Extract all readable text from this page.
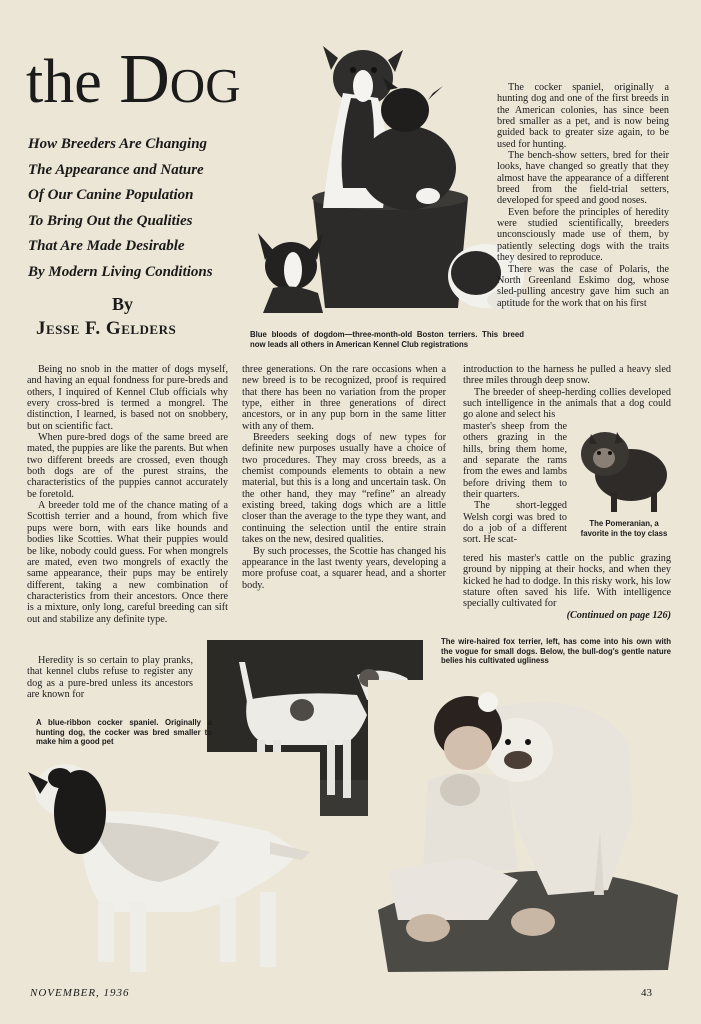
the Dog
How Breeders Are Changing
The Appearance and Nature
Of Our Canine Population
To Bring Out the Qualities
That Are Made Desirable
By Modern Living Conditions
By
Jesse F. Gelders	Blue bloods of dogdom—three-month-old Boston terriers. This breed now leads all others in American Kennel Club registrations

The cocker spaniel, originally a hunting dog and one of the first breeds in the American colonies, has since been bred smaller as a pet, and is now being guided back to greater size again, to be used for hunting.

The bench-show setters, bred for their looks, have changed so greatly that they almost have the appearance of a different breed from the field-trial setters, developed for speed and good noses.

Even before the principles of heredity were studied scientifically, breeders unconsciously made use of them, by patiently selecting dogs with the traits they desired to reproduce.

There was the case of Polaris, the North Greenland Eskimo dog, whose sled-pulling ancestry gave him such an aptitude for the work that on his first

Being no snob in the matter of dogs myself, and having an equal fondness for pure-breds and others, I inquired of Kennel Club officials why every cross-bred is termed a mongrel. The distinction, I learned, is based not on snobbery, but on scientific fact.

When pure-bred dogs of the same breed are mated, the puppies are like the parents. But when two different breeds are crossed, even though both dogs are of the purest strains, the characteristics of the puppies cannot accurately be foretold.

A breeder told me of the chance mating of a Scottish terrier and a hound, from which five pups were born, with ears like hounds and bodies like Scotties. What their puppies would be like, nobody could guess. For when mongrels are mated, even two mongrels of exactly the same appearance, their pups may be entirely different, taking a new combination of characteristics from their ancestors. Once there is a mixture, only long, careful breeding can sift out and stabilize any definite type.

Heredity is so certain to play pranks, that kennel clubs refuse to register any dog as a pure-bred unless its ancestors are known for

three generations. On the rare occasions when a new breed is to be recognized, proof is required that there has been no variation from the proper type, either in three generations of direct ancestors, or in any pup born in the same litter with any of them.

Breeders seeking dogs of new types for definite new purposes usually have a choice of two procedures. They may cross breeds, as a chemist compounds elements to obtain a new material, but this is a long and uncertain task. On the other hand, they may “refine” an already existing breed, taking dogs which are a little closer than the average to the type they want, and continuing the selection until the entire strain takes on the new, desired qualities.

By such processes, the Scottie has changed his appearance in the last twenty years, developing a more profuse coat, a squarer head, and a shorter body.

introduction to the harness he pulled a heavy sled three miles through deep snow.

The breeder of sheep-herding collies developed such intelligence in the animals that a dog could go alone and select his

master's sheep from the others grazing in the hills, bring them home, and separate the rams from the ewes and lambs before driving them to their quarters.

The short-legged Welsh corgi was bred to do a job of a different sort. He scat-

tered his master's cattle on the public grazing ground by nipping at their hocks, and when they kicked he had to dodge. In this risky work, his low stature often saved his life. With intelligence specially cultivated for

(Continued on page 126)

The Pomeranian, a favorite in the toy class
The wire-haired fox terrier, left, has come into his own with the vogue for small dogs. Below, the bull-dog's gentle nature belies his cultivated ugliness
A blue-ribbon cocker spaniel. Originally a hunting dog, the cocker was bred smaller to make him a good pet
NOVEMBER, 1936	43
